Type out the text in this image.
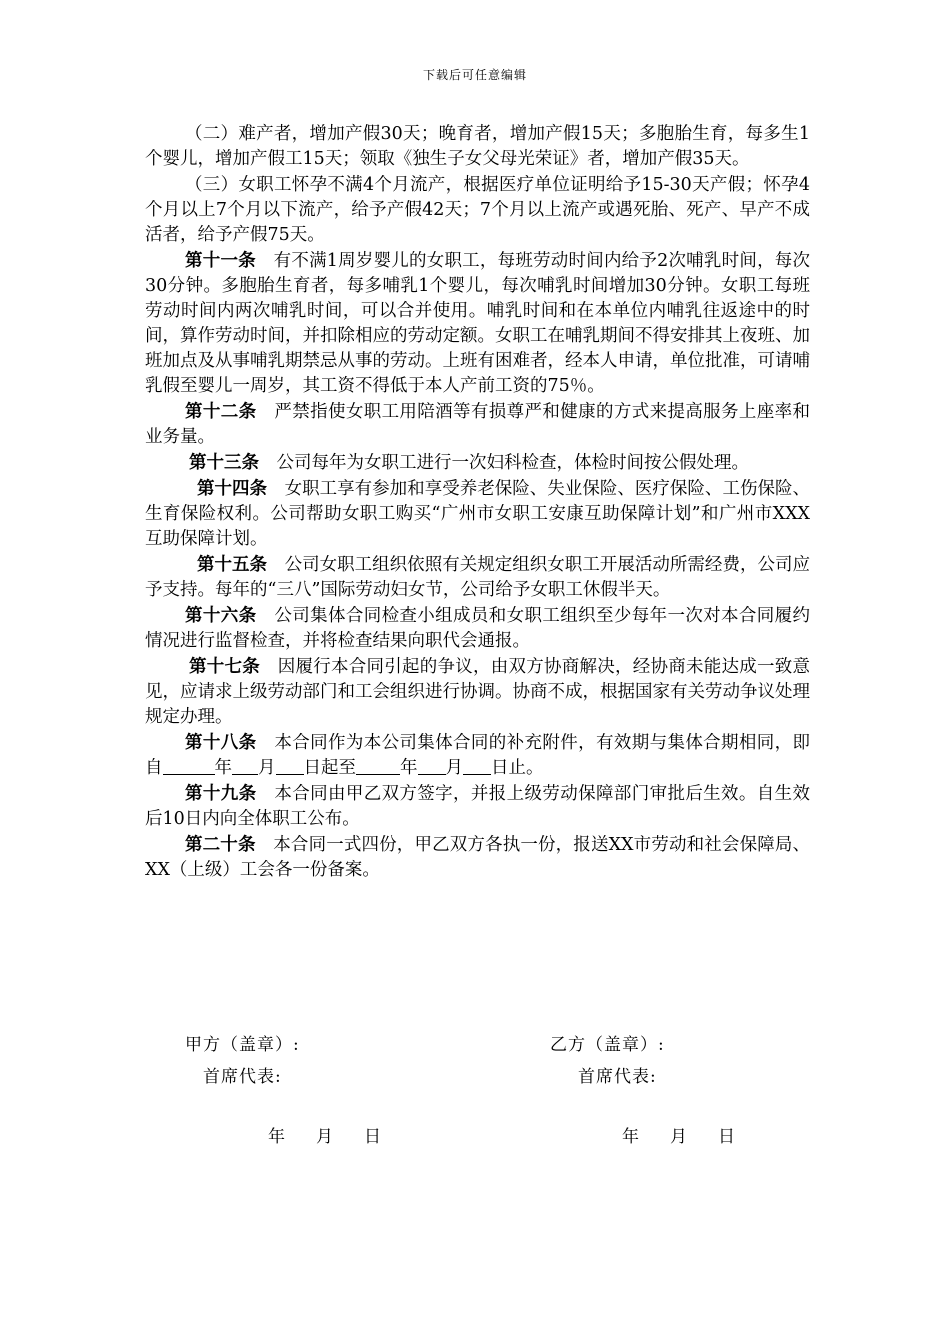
下载后可任意编辑

（二）难产者，增加产假30天；晚育者，增加产假15天；多胞胎生育，每多生1个婴儿，增加产假工15天；领取《独生子女父母光荣证》者，增加产假35天。

（三）女职工怀孕不满4个月流产，根据医疗单位证明给予15-30天产假；怀孕4个月以上7个月以下流产，给予产假42天；7个月以上流产或遇死胎、死产、早产不成活者，给予产假75天。

第十一条　 有不满1周岁婴儿的女职工，每班劳动时间内给予2次哺乳时间，每次30分钟。多胞胎生育者，每多哺乳1个婴儿，每次哺乳时间增加30分钟。女职工每班劳动时间内两次哺乳时间，可以合并使用。哺乳时间和在本单位内哺乳往返途中的时间，算作劳动时间，并扣除相应的劳动定额。女职工在哺乳期间不得安排其上夜班、加班加点及从事哺乳期禁忌从事的劳动。上班有困难者，经本人申请，单位批准，可请哺乳假至婴儿一周岁，其工资不得低于本人产前工资的75％。

第十二条　 严禁指使女职工用陪酒等有损尊严和健康的方式来提高服务上座率和业务量。

第十三条　 公司每年为女职工进行一次妇科检查，体检时间按公假处理。

第十四条　 女职工享有参加和享受养老保险、失业保险、医疗保险、工伤保险、生育保险权利。公司帮助女职工购买“广州市女职工安康互助保障计划”和广州市XXX互助保障计划。

第十五条　 公司女职工组织依照有关规定组织女职工开展活动所需经费，公司应予支持。每年的“三八”国际劳动妇女节，公司给予女职工休假半天。

第十六条　 公司集体合同检查小组成员和女职工组织至少每年一次对本合同履约情况进行监督检查，并将检查结果向职代会通报。

第十七条　 因履行本合同引起的争议，由双方协商解决，经协商未能达成一致意见，应请求上级劳动部门和工会组织进行协调。协商不成，根据国家有关劳动争议处理规定办理。

第十八条　 本合同作为本公司集体合同的补充附件，有效期与集体合期相同，即自	年 月 日起至	年 月 日止。

第十九条　 本合同由甲乙双方签字，并报上级劳动保障部门审批后生效。自生效后10日内向全体职工公布。

第二十条　 本合同一式四份，甲乙双方各执一份，报送XX市劳动和社会保障局、XX（上级）工会各一份备案。

甲方（盖章）:	乙方（盖章）:
首席代表:	首席代表:
年 月 日	年 月 日
